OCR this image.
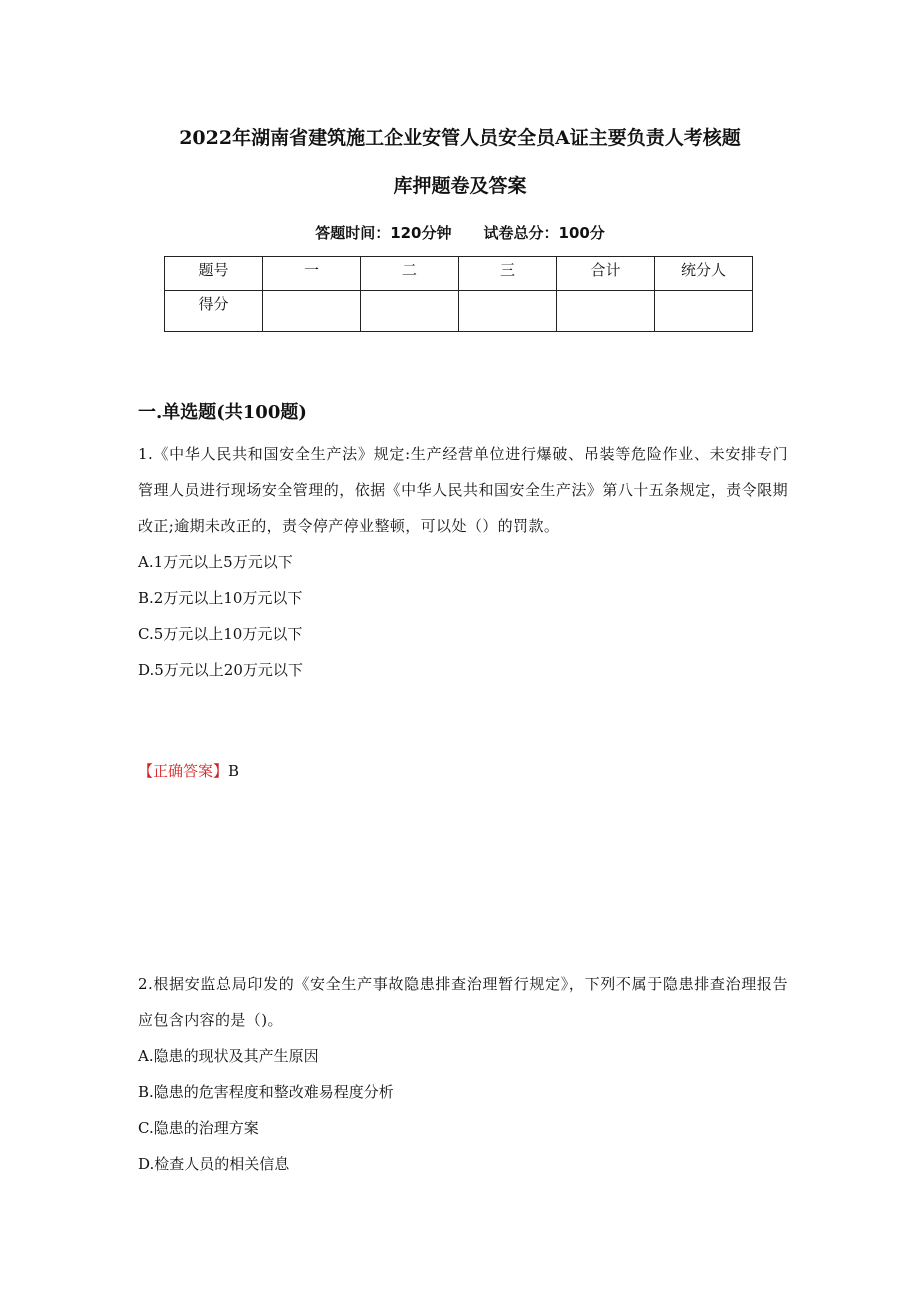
2022年湖南省建筑施工企业安管人员安全员A证主要负责人考核题
库押题卷及答案
答题时间：120分钟 试卷总分：100分
题号	一	二	三	合计	统分人
得分					
一.单选题(共100题)

1.《中华人民共和国安全生产法》规定:生产经营单位进行爆破、吊装等危险作业、未安排专门管理人员进行现场安全管理的，依据《中华人民共和国安全生产法》第八十五条规定，责令限期改正;逾期未改正的，责令停产停业整顿，可以处（）的罚款。

A.1万元以上5万元以下

B.2万元以上10万元以下

C.5万元以上10万元以下

D.5万元以上20万元以下

【正确答案】B

2.根据安监总局印发的《安全生产事故隐患排查治理暂行规定》，下列不属于隐患排查治理报告应包含内容的是（)。

A.隐患的现状及其产生原因

B.隐患的危害程度和整改难易程度分析

C.隐患的治理方案

D.检查人员的相关信息
